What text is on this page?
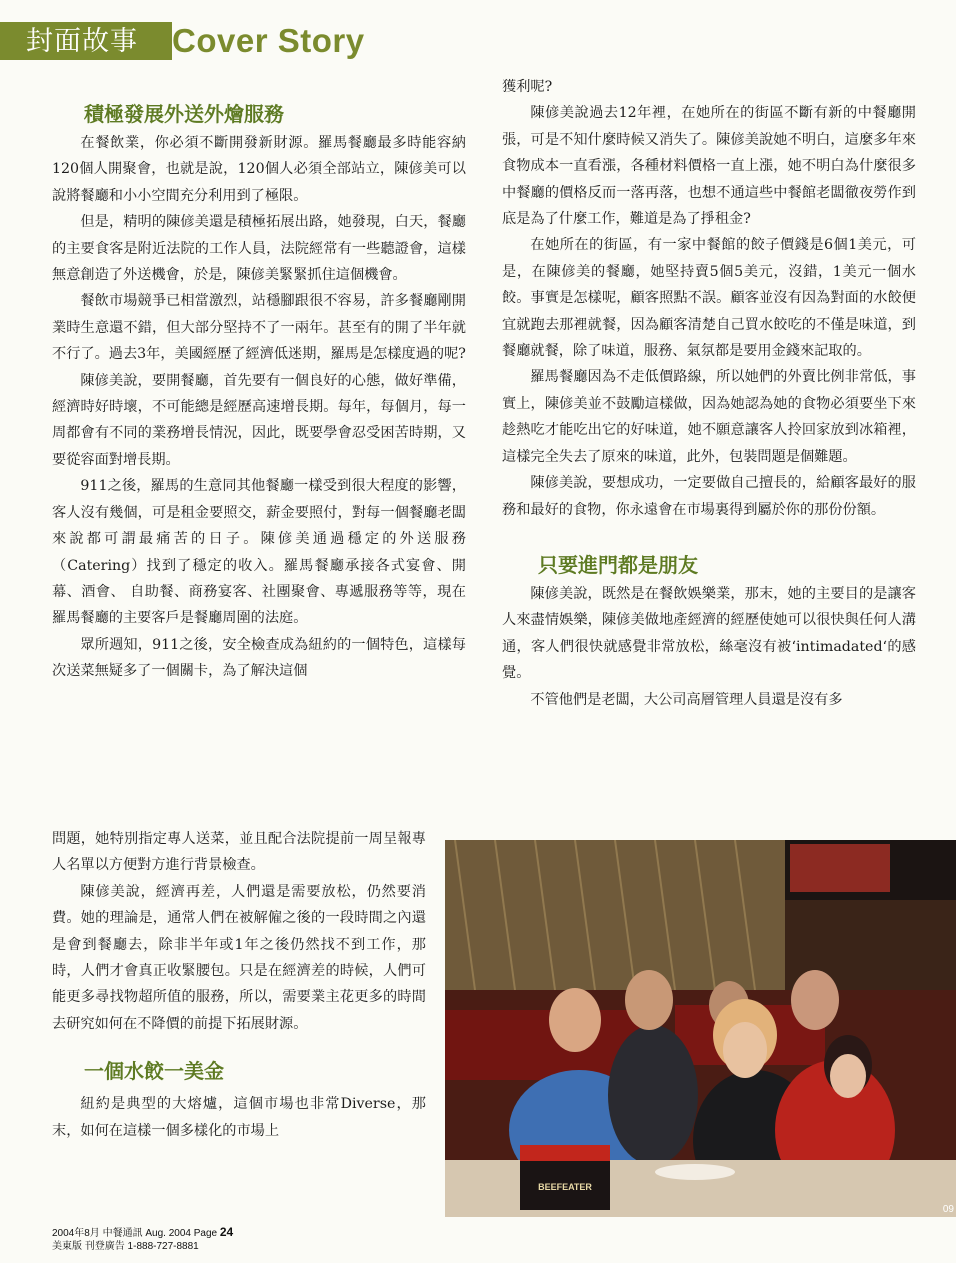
封面故事 Cover Story
積極發展外送外燴服務

在餐飲業，你必須不斷開發新財源。羅馬餐廳最多時能容納120個人開聚會，也就是說，120個人必須全部站立，陳偐美可以說將餐廳和小小空間充分利用到了極限。

但是，精明的陳偐美還是積極拓展出路，她發現，白天，餐廳的主要食客是附近法院的工作人員，法院經常有一些聽證會，這樣無意創造了外送機會，於是，陳偐美緊緊抓住這個機會。

餐飲市場競爭已相當激烈，站穩腳跟很不容易，許多餐廳剛開業時生意還不錯，但大部分堅持不了一兩年。甚至有的開了半年就不行了。過去3年，美國經歷了經濟低迷期，羅馬是怎樣度過的呢?

陳偐美說，要開餐廳，首先要有一個良好的心態，做好準備，經濟時好時壞，不可能總是經歷高速增長期。每年，每個月，每一周都會有不同的業務增長情況，因此，既要學會忍受困苦時期，又要從容面對增長期。

911之後，羅馬的生意同其他餐廳一樣受到很大程度的影響，客人沒有幾個，可是租金要照交，薪金要照付，對每一個餐廳老闆來說都可謂最痛苦的日子。陳偐美通過穩定的外送服務（Catering）找到了穩定的收入。羅馬餐廳承接各式宴會、開幕、酒會、 自助餐、商務宴客、社團聚會、專遞服務等等，現在羅馬餐廳的主要客戶是餐廳周圍的法庭。

眾所週知，911之後，安全檢查成為紐約的一個特色，這樣每次送菜無疑多了一個關卡，為了解決這個

問題，她特別指定專人送菜，並且配合法院提前一周呈報專人名單以方便對方進行背景檢查。

陳偐美說，經濟再差，人們還是需要放松，仍然要消費。她的理論是，通常人們在被解僱之後的一段時間之內還是會到餐廳去，除非半年或1年之後仍然找不到工作，那時，人們才會真正收緊腰包。只是在經濟差的時候，人們可能更多尋找物超所值的服務，所以，需要業主花更多的時間去研究如何在不降價的前提下拓展財源。

一個水餃一美金

紐約是典型的大熔爐，這個市場也非常Diverse，那末，如何在這樣一個多樣化的市場上

獲利呢?

陳偐美說過去12年裡，在她所在的街區不斷有新的中餐廳開張，可是不知什麼時候又消失了。陳偐美說她不明白，這麼多年來食物成本一直看漲，各種材料價格一直上漲，她不明白為什麼很多中餐廳的價格反而一落再落，也想不通這些中餐館老闆徹夜勞作到底是為了什麼工作，難道是為了掙租金?

在她所在的街區，有一家中餐館的餃子價錢是6個1美元，可是，在陳偐美的餐廳，她堅持賣5個5美元，沒錯，1美元一個水餃。事實是怎樣呢，顧客照點不誤。顧客並沒有因為對面的水餃便宜就跑去那裡就餐，因為顧客清楚自己買水餃吃的不僅是味道，到餐廳就餐，除了味道，服務、氣氛都是要用金錢來記取的。

羅馬餐廳因為不走低價路線，所以她們的外賣比例非常低，事實上，陳偐美並不鼓勵這樣做，因為她認為她的食物必須要坐下來趁熱吃才能吃出它的好味道，她不願意讓客人拎回家放到冰箱裡，這樣完全失去了原來的味道，此外，包裝問題是個難題。

陳偐美說，要想成功，一定要做自己擅長的，給顧客最好的服務和最好的食物，你永遠會在市場裏得到屬於你的那份份額。

只要進門都是朋友

陳偐美說，既然是在餐飲娛樂業，那末，她的主要目的是讓客人來盡情娛樂，陳偐美做地產經濟的經歷使她可以很快與任何人溝通，客人們很快就感覺非常放松，絲毫沒有被‘intimadated‘的感覺。

不管他們是老闆，大公司高層管理人員還是沒有多

BEEFEATER
09
2004年8月 中餐通訊 Aug. 2004 Page 24
美東版 刊登廣告 1-888-727-8881
